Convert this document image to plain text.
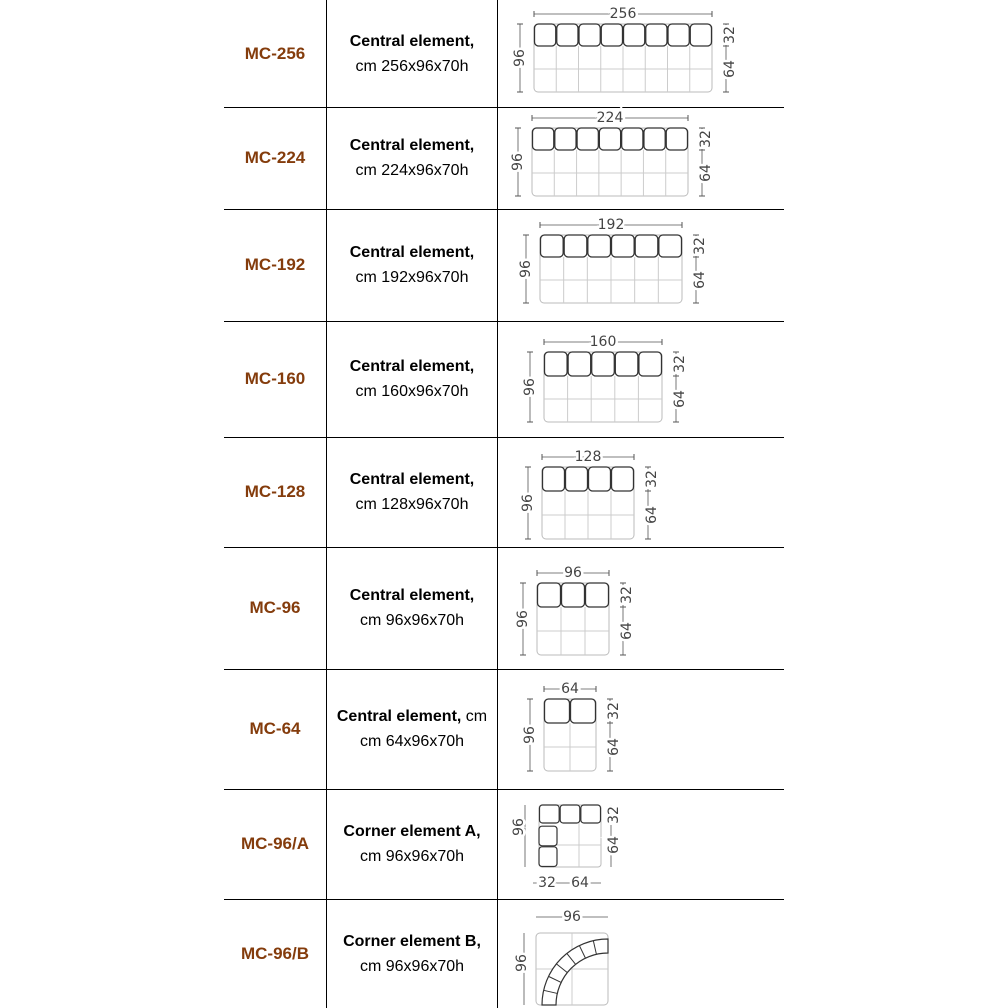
MC-256
Central element,
cm 256x96x70h
256
96
32
64
MC-224
Central element,
cm 224x96x70h
224
96
32
64
MC-192
Central element,
cm 192x96x70h
192
96
32
64
MC-160
Central element,
cm 160x96x70h
160
96
32
64
MC-128
Central element,
cm 128x96x70h
128
96
32
64
MC-96
Central element,
cm 96x96x70h
96
96
32
64
MC-64
Central element, cm
cm 64x96x70h
64
96
32
64
MC-96/A
Corner element A,
cm 96x96x70h
96
32
64
32 64
MC-96/B
Corner element B,
cm 96x96x70h
96
96
